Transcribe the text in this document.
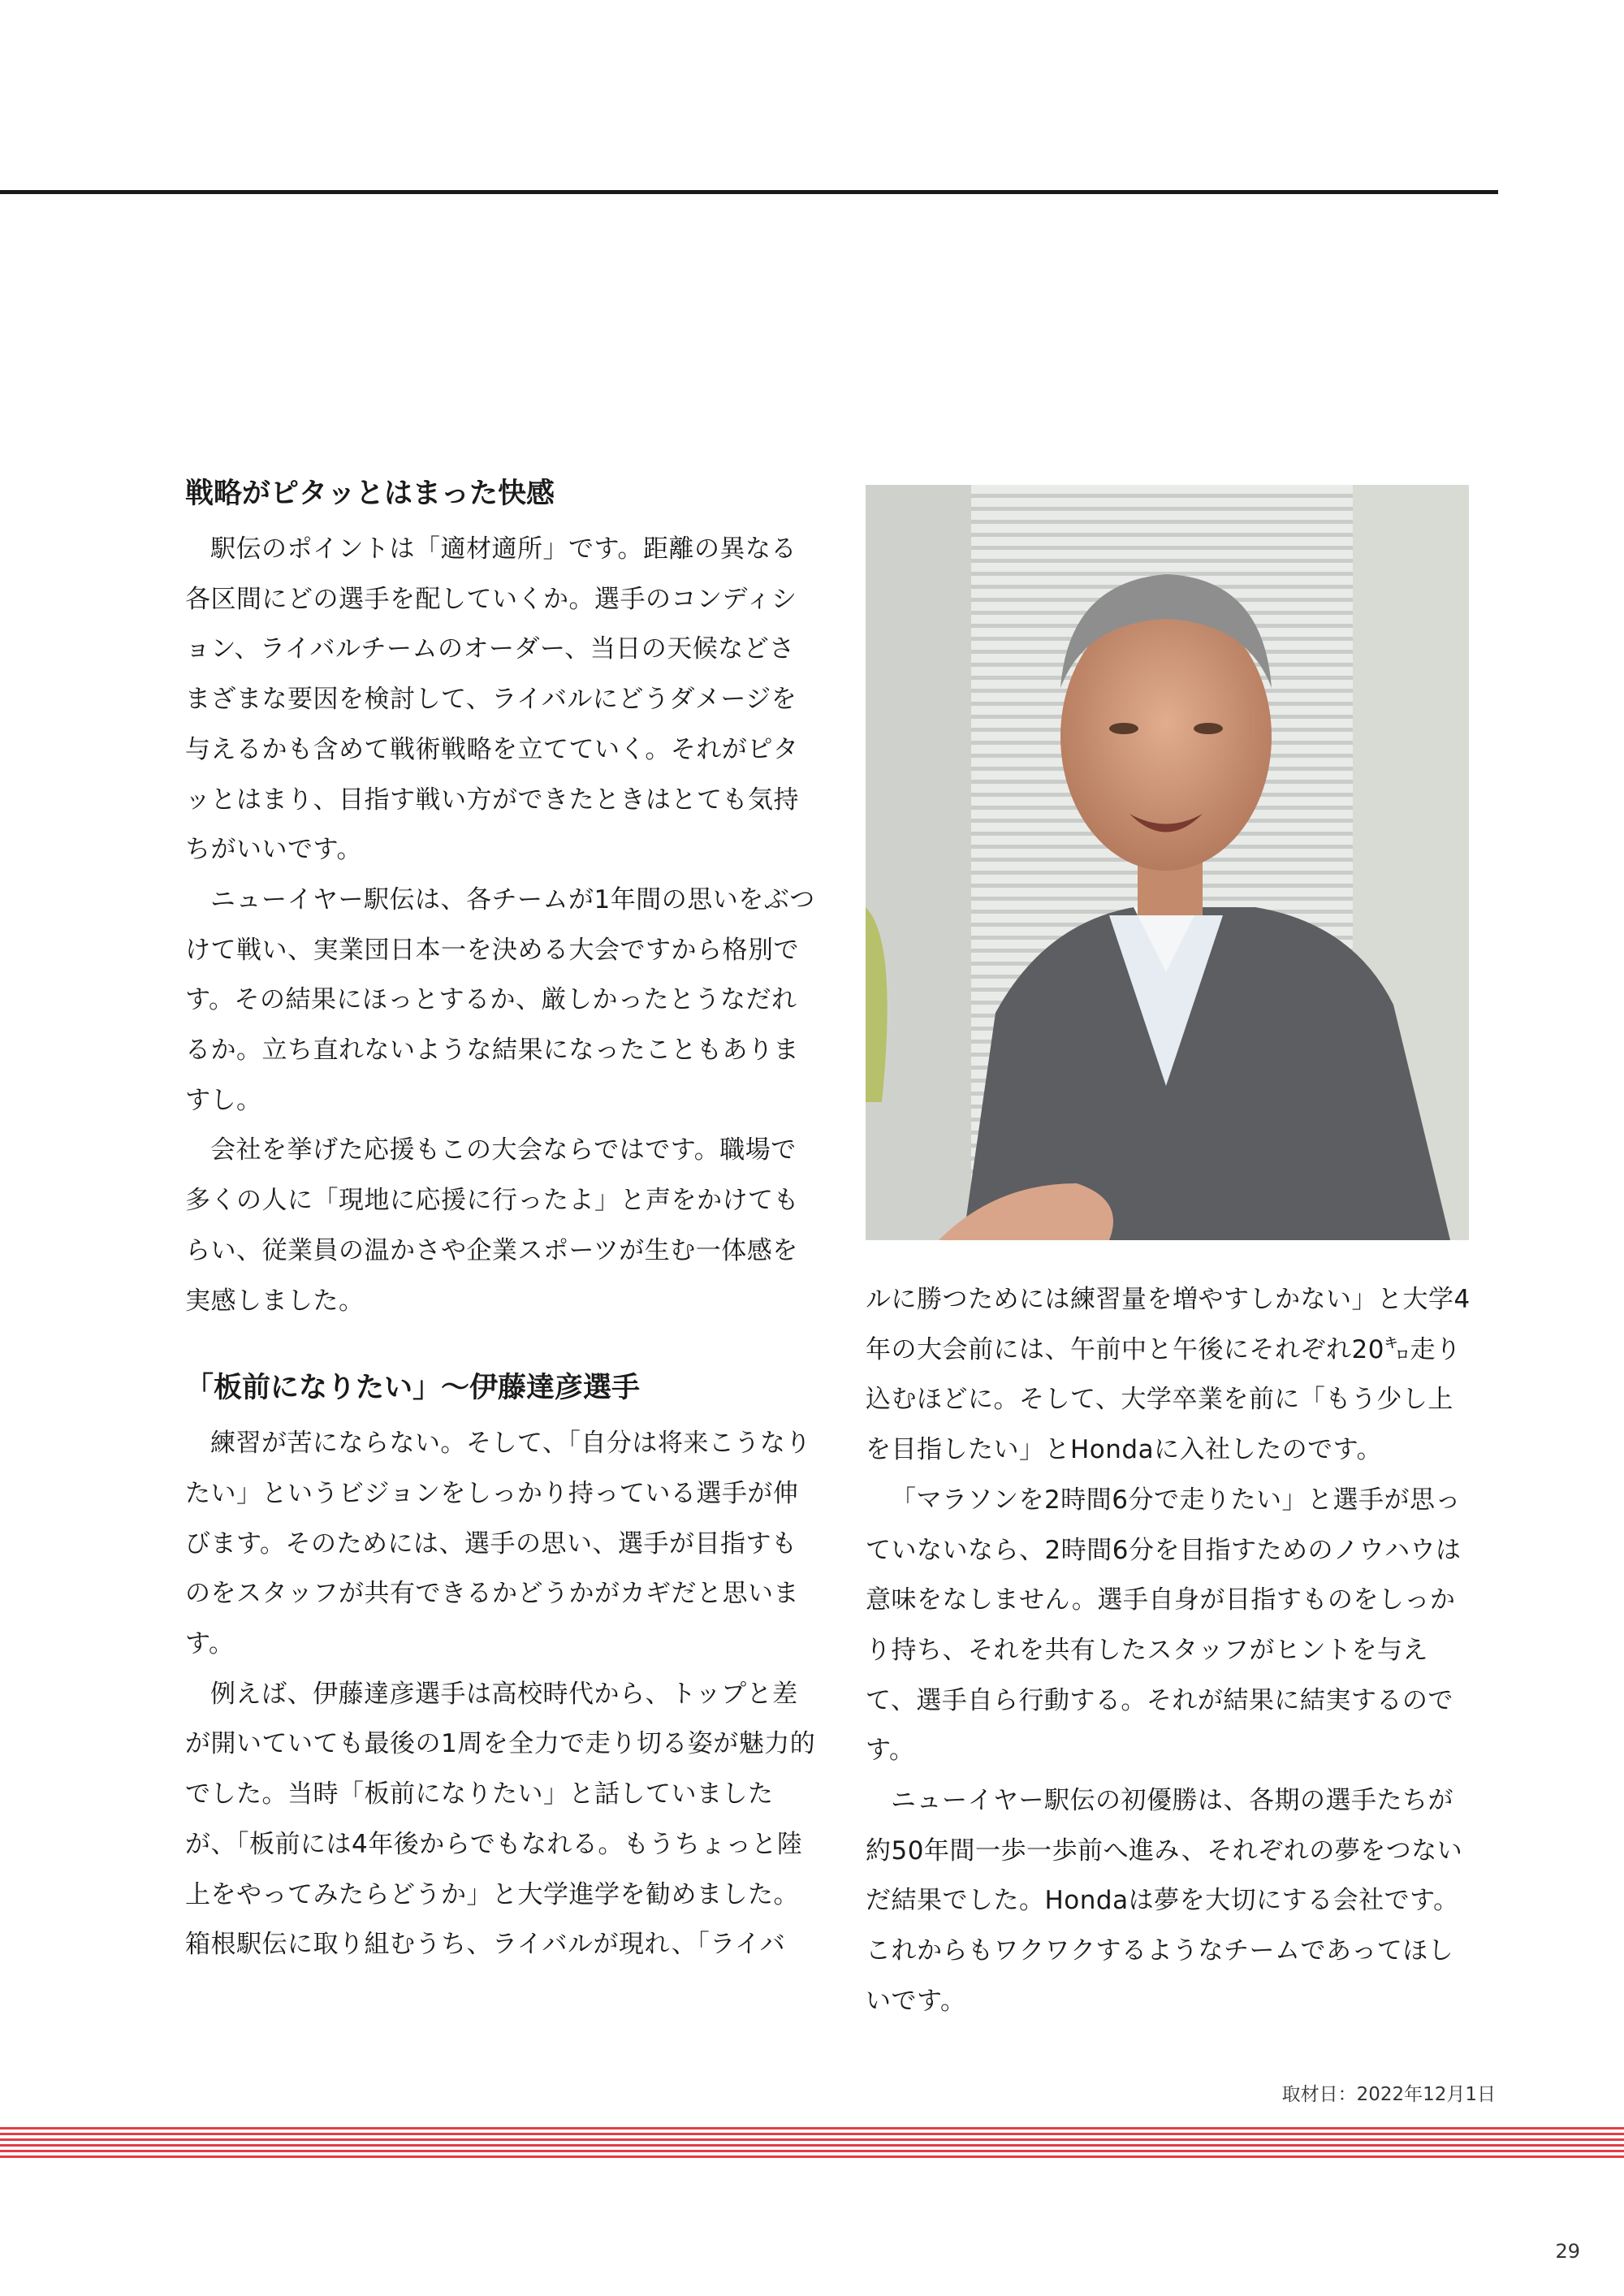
戦略がピタッとはまった快感

駅伝のポイントは「適材適所」です。距離の異なる各区間にどの選手を配していくか。選手のコンディション、ライバルチームのオーダー、当日の天候などさまざまな要因を検討して、ライバルにどうダメージを与えるかも含めて戦術戦略を立てていく。それがピタッとはまり、目指す戦い方ができたときはとても気持ちがいいです。

ニューイヤー駅伝は、各チームが1年間の思いをぶつけて戦い、実業団日本一を決める大会ですから格別です。その結果にほっとするか、厳しかったとうなだれるか。立ち直れないような結果になったこともありますし。

会社を挙げた応援もこの大会ならではです。職場で多くの人に「現地に応援に行ったよ」と声をかけてもらい、従業員の温かさや企業スポーツが生む一体感を実感しました。

「板前になりたい」〜伊藤達彦選手

練習が苦にならない。そして、「自分は将来こうなりたい」というビジョンをしっかり持っている選手が伸びます。そのためには、選手の思い、選手が目指すものをスタッフが共有できるかどうかがカギだと思います。

例えば、伊藤達彦選手は高校時代から、トップと差が開いていても最後の1周を全力で走り切る姿が魅力的でした。当時「板前になりたい」と話していましたが、「板前には4年後からでもなれる。もうちょっと陸上をやってみたらどうか」と大学進学を勧めました。箱根駅伝に取り組むうち、ライバルが現れ、「ライバ

ルに勝つためには練習量を増やすしかない」と大学4年の大会前には、午前中と午後にそれぞれ20㌔走り込むほどに。そして、大学卒業を前に「もう少し上を目指したい」とHondaに入社したのです。

「マラソンを2時間6分で走りたい」と選手が思っていないなら、2時間6分を目指すためのノウハウは意味をなしません。選手自身が目指すものをしっかり持ち、それを共有したスタッフがヒントを与えて、選手自ら行動する。それが結果に結実するのです。

ニューイヤー駅伝の初優勝は、各期の選手たちが約50年間一歩一歩前へ進み、それぞれの夢をつないだ結果でした。Hondaは夢を大切にする会社です。これからもワクワクするようなチームであってほしいです。

取材日：2022年12月1日
29
